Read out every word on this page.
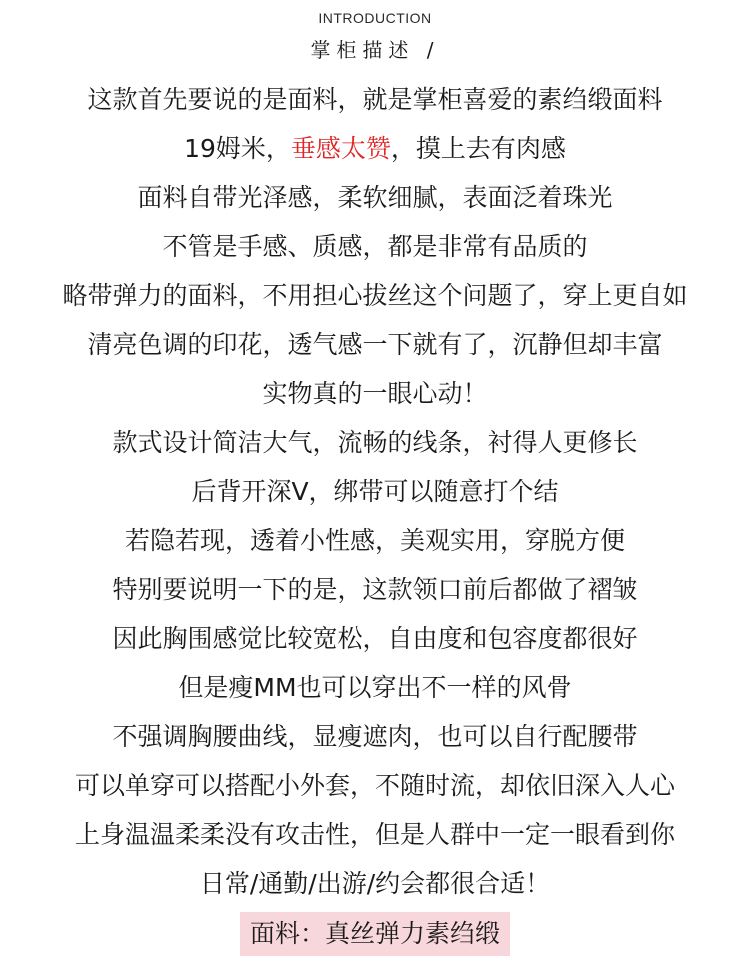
INTRODUCTION
掌柜描述 /
这款首先要说的是面料，就是掌柜喜爱的素绉缎面料
19姆米，垂感太赞，摸上去有肉感
面料自带光泽感，柔软细腻，表面泛着珠光
不管是手感、质感，都是非常有品质的
略带弹力的面料，不用担心拔丝这个问题了，穿上更自如
清亮色调的印花，透气感一下就有了，沉静但却丰富
实物真的一眼心动！
款式设计简洁大气，流畅的线条，衬得人更修长
后背开深V，绑带可以随意打个结
若隐若现，透着小性感，美观实用，穿脱方便
特别要说明一下的是，这款领口前后都做了褶皱
因此胸围感觉比较宽松，自由度和包容度都很好
但是瘦MM也可以穿出不一样的风骨
不强调胸腰曲线，显瘦遮肉，也可以自行配腰带
可以单穿可以搭配小外套，不随时流，却依旧深入人心
上身温温柔柔没有攻击性，但是人群中一定一眼看到你
日常/通勤/出游/约会都很合适！
面料：真丝弹力素绉缎
